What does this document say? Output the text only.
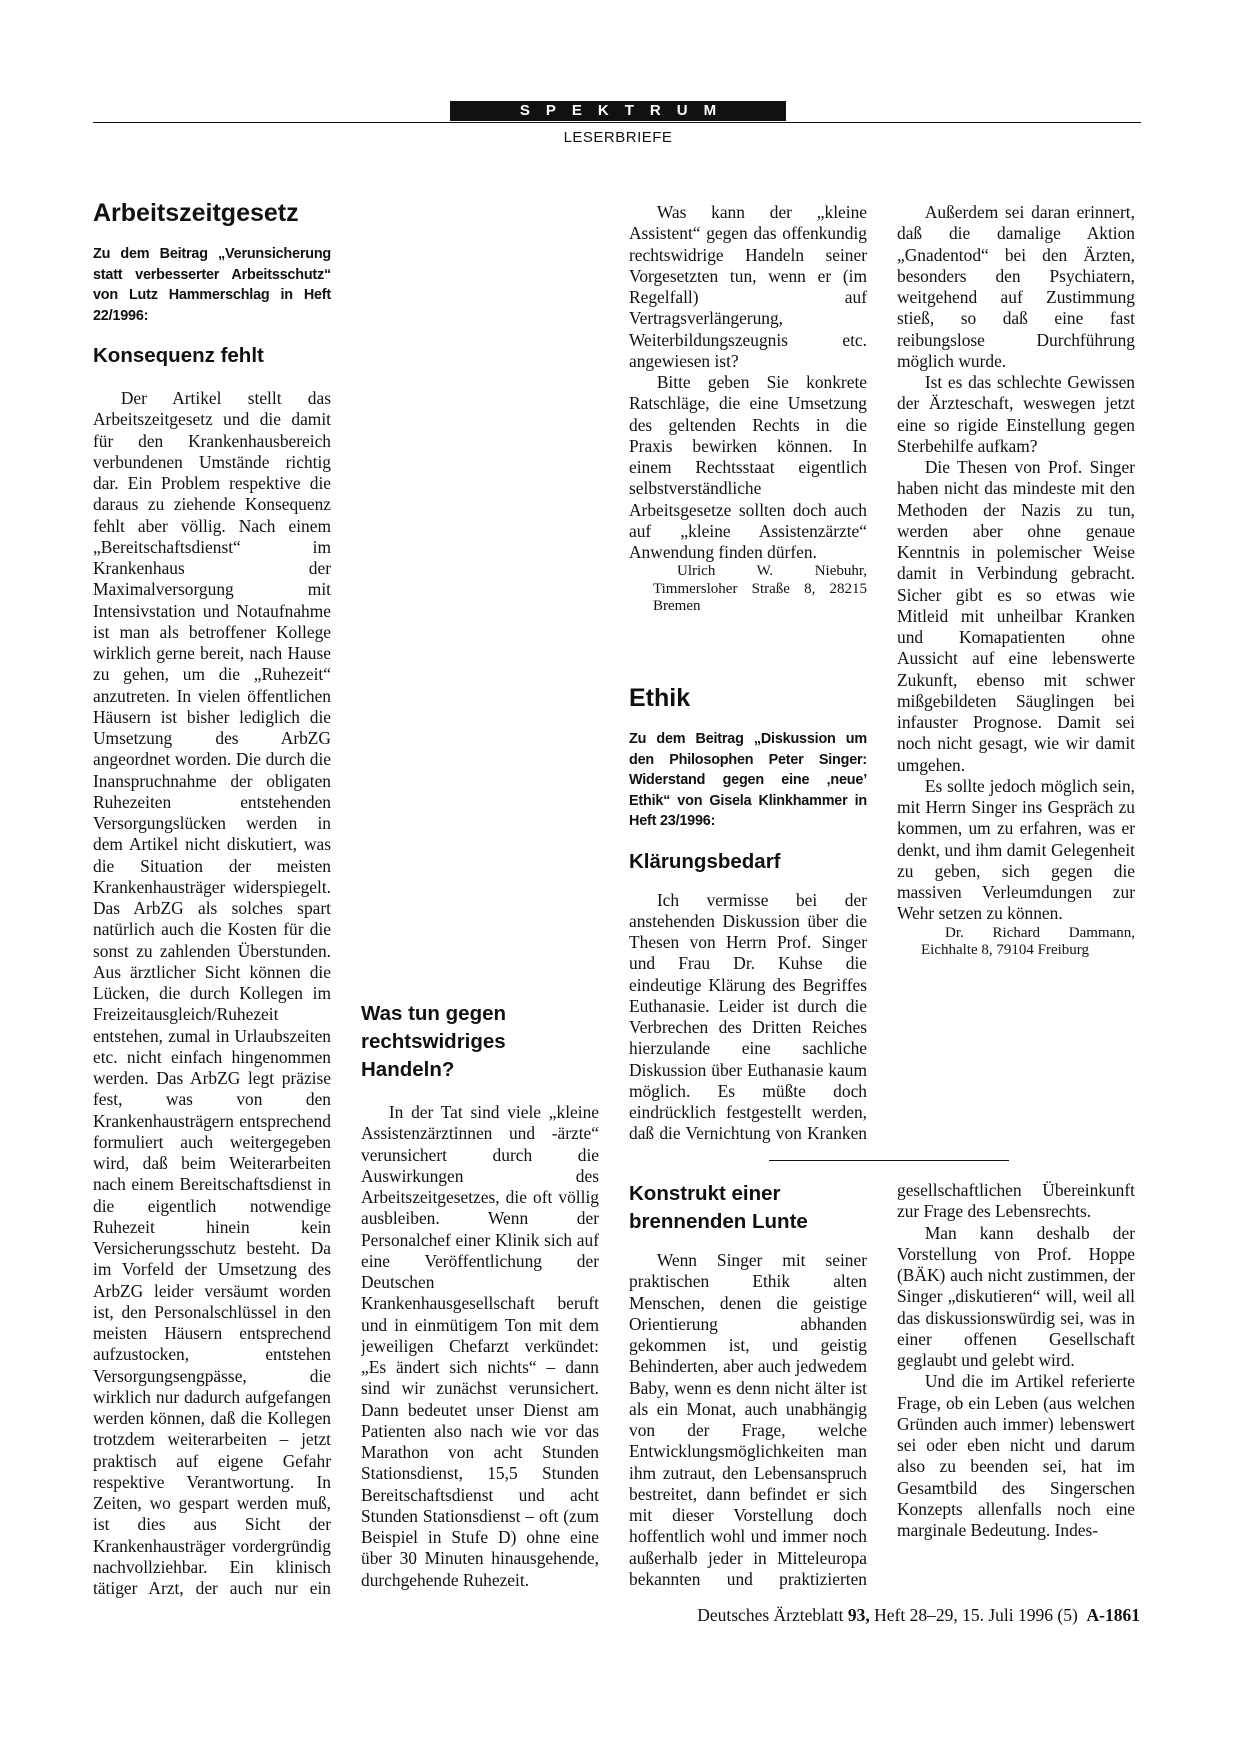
SPEKTRUM
LESERBRIEFE
Arbeitszeitgesetz
Zu dem Beitrag „Verunsicherung statt verbesserter Arbeitsschutz“ von Lutz Hammerschlag in Heft 22/1996:
Konsequenz fehlt

Der Artikel stellt das Arbeitszeitgesetz und die damit für den Krankenhausbereich verbundenen Umstände richtig dar. Ein Problem respektive die daraus zu ziehende Konsequenz fehlt aber völlig. Nach einem „Bereitschaftsdienst“ im Krankenhaus der Maximalversorgung mit Intensivstation und Notaufnahme ist man als betroffener Kollege wirklich gerne bereit, nach Hause zu gehen, um die „Ruhezeit“ anzutreten. In vielen öffentlichen Häusern ist bisher lediglich die Umsetzung des ArbZG angeordnet worden. Die durch die Inanspruchnahme der obligaten Ruhezeiten entstehenden Versorgungslücken werden in dem Artikel nicht diskutiert, was die Situation der meisten Krankenhausträger widerspiegelt. Das ArbZG als solches spart natürlich auch die Kosten für die sonst zu zahlenden Überstunden. Aus ärztlicher Sicht können die Lücken, die durch Kollegen im Freizeitausgleich/Ruhezeit entstehen, zumal in Urlaubszeiten etc. nicht einfach hingenommen werden. Das ArbZG legt präzise fest, was von den Krankenhausträgern entsprechend formuliert auch weitergegeben wird, daß beim Weiterarbeiten nach einem Bereitschaftsdienst in die eigentlich notwendige Ruhezeit hinein kein Versicherungsschutz besteht. Da im Vorfeld der Umsetzung des ArbZG leider versäumt worden ist, den Personalschlüssel in den meisten Häusern entsprechend aufzustocken, entstehen Versorgungsengpässe, die wirklich nur dadurch aufgefangen werden können, daß die Kollegen trotzdem weiterarbeiten – jetzt praktisch auf eigene Gefahr respektive Verantwortung. In Zeiten, wo gespart werden muß, ist dies aus Sicht der Krankenhausträger vordergründig nachvollziehbar. Ein klinisch tätiger Arzt, der auch nur ein

Was tun gegen rechtswidriges Handeln?

In der Tat sind viele „kleine Assistenzärztinnen und -ärzte“ verunsichert durch die Auswirkungen des Arbeitszeitgesetzes, die oft völlig ausbleiben. Wenn der Personalchef einer Klinik sich auf eine Veröffentlichung der Deutschen Krankenhausgesellschaft beruft und in einmütigem Ton mit dem jeweiligen Chefarzt verkündet: „Es ändert sich nichts“ – dann sind wir zunächst verunsichert. Dann bedeutet unser Dienst am Patienten also nach wie vor das Marathon von acht Stunden Stationsdienst, 15,5 Stunden Bereitschaftsdienst und acht Stunden Stationsdienst – oft (zum Beispiel in Stufe D) ohne eine über 30 Minuten hinausgehende, durchgehende Ruhezeit.

Was kann der „kleine Assistent“ gegen das offenkundig rechtswidrige Handeln seiner Vorgesetzten tun, wenn er (im Regelfall) auf Vertragsverlängerung, Weiterbildungszeugnis etc. angewiesen ist?

Bitte geben Sie konkrete Ratschläge, die eine Umsetzung des geltenden Rechts in die Praxis bewirken können. In einem Rechtsstaat eigentlich selbstverständliche Arbeitsgesetze sollten doch auch auf „kleine Assistenzärzte“ Anwendung finden dürfen.

Ulrich W. Niebuhr, Timmersloher Straße 8, 28215 Bremen

Ethik
Zu dem Beitrag „Diskussion um den Philosophen Peter Singer: Widerstand gegen eine ‚neue’ Ethik“ von Gisela Klinkhammer in Heft 23/1996:
Klärungsbedarf

Ich vermisse bei der anstehenden Diskussion über die Thesen von Herrn Prof. Singer und Frau Dr. Kuhse die eindeutige Klärung des Begriffes Euthanasie. Leider ist durch die Verbrechen des Dritten Reiches hierzulande eine sachliche Diskussion über Euthanasie kaum möglich. Es müßte doch eindrücklich festgestellt werden, daß die Vernichtung von Kranken

Außerdem sei daran erinnert, daß die damalige Aktion „Gnadentod“ bei den Ärzten, besonders den Psychiatern, weitgehend auf Zustimmung stieß, so daß eine fast reibungslose Durchführung möglich wurde.

Ist es das schlechte Gewissen der Ärzteschaft, weswegen jetzt eine so rigide Einstellung gegen Sterbehilfe aufkam?

Die Thesen von Prof. Singer haben nicht das mindeste mit den Methoden der Nazis zu tun, werden aber ohne genaue Kenntnis in polemischer Weise damit in Verbindung gebracht. Sicher gibt es so etwas wie Mitleid mit unheilbar Kranken und Komapatienten ohne Aussicht auf eine lebenswerte Zukunft, ebenso mit schwer mißgebildeten Säuglingen bei infauster Prognose. Damit sei noch nicht gesagt, wie wir damit umgehen.

Es sollte jedoch möglich sein, mit Herrn Singer ins Gespräch zu kommen, um zu erfahren, was er denkt, und ihm damit Gelegenheit zu geben, sich gegen die massiven Verleumdungen zur Wehr setzen zu können.

Dr. Richard Dammann, Eichhalte 8, 79104 Freiburg

Konstrukt einer brennenden Lunte

Wenn Singer mit seiner praktischen Ethik alten Menschen, denen die geistige Orientierung abhanden gekommen ist, und geistig Behinderten, aber auch jedwedem Baby, wenn es denn nicht älter ist als ein Monat, auch unabhängig von der Frage, welche Entwicklungsmöglichkeiten man ihm zutraut, den Lebensanspruch bestreitet, dann befindet er sich mit dieser Vorstellung doch hoffentlich wohl und immer noch außerhalb jeder in Mitteleuropa bekannten und praktizierten gesellschaftlichen Übereinkunft zur Frage des Lebensrechts.

Man kann deshalb der Vorstellung von Prof. Hoppe (BÄK) auch nicht zustimmen, der Singer „diskutieren“ will, weil all das diskussionswürdig sei, was in einer offenen Gesellschaft geglaubt und gelebt wird.

Und die im Artikel referierte Frage, ob ein Leben (aus welchen Gründen auch immer) lebenswert sei oder eben nicht und darum also zu beenden sei, hat im Gesamtbild des Singerschen Konzepts allenfalls noch eine marginale Bedeutung. Indes-

Deutsches Ärzteblatt 93, Heft 28–29, 15. Juli 1996 (5) A-1861
